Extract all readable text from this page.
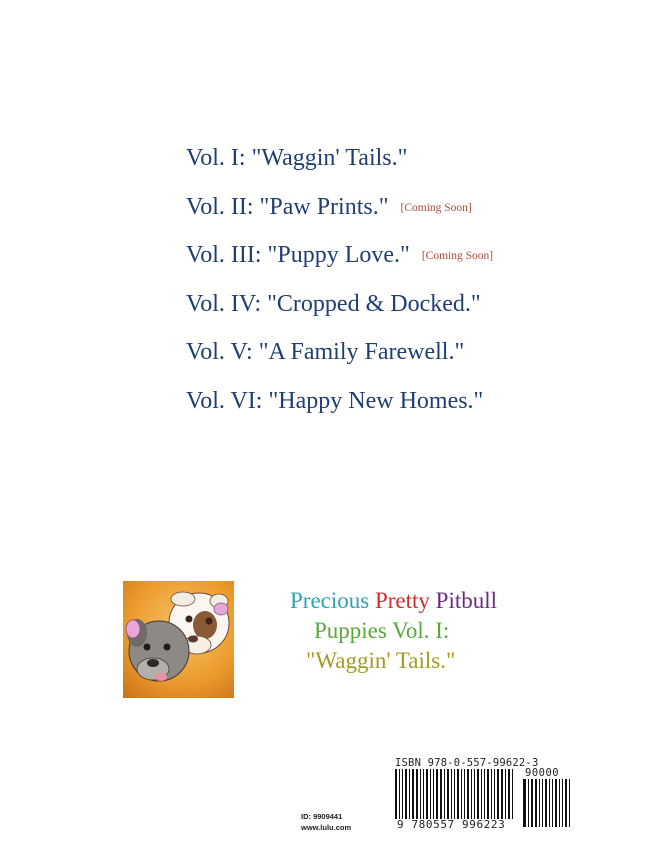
Vol. I: "Waggin' Tails."
Vol. II: "Paw Prints." [Coming Soon]
Vol. III: "Puppy Love." [Coming Soon]
Vol. IV: "Cropped & Docked."
Vol. V: "A Family Farewell."
Vol. VI: "Happy New Homes."
Precious Pretty Pitbull
Puppies Vol. I:
"Waggin' Tails."
ISBN 978-0-557-99622-3
90000
9 780557 996223
ID: 9909441
www.lulu.com
